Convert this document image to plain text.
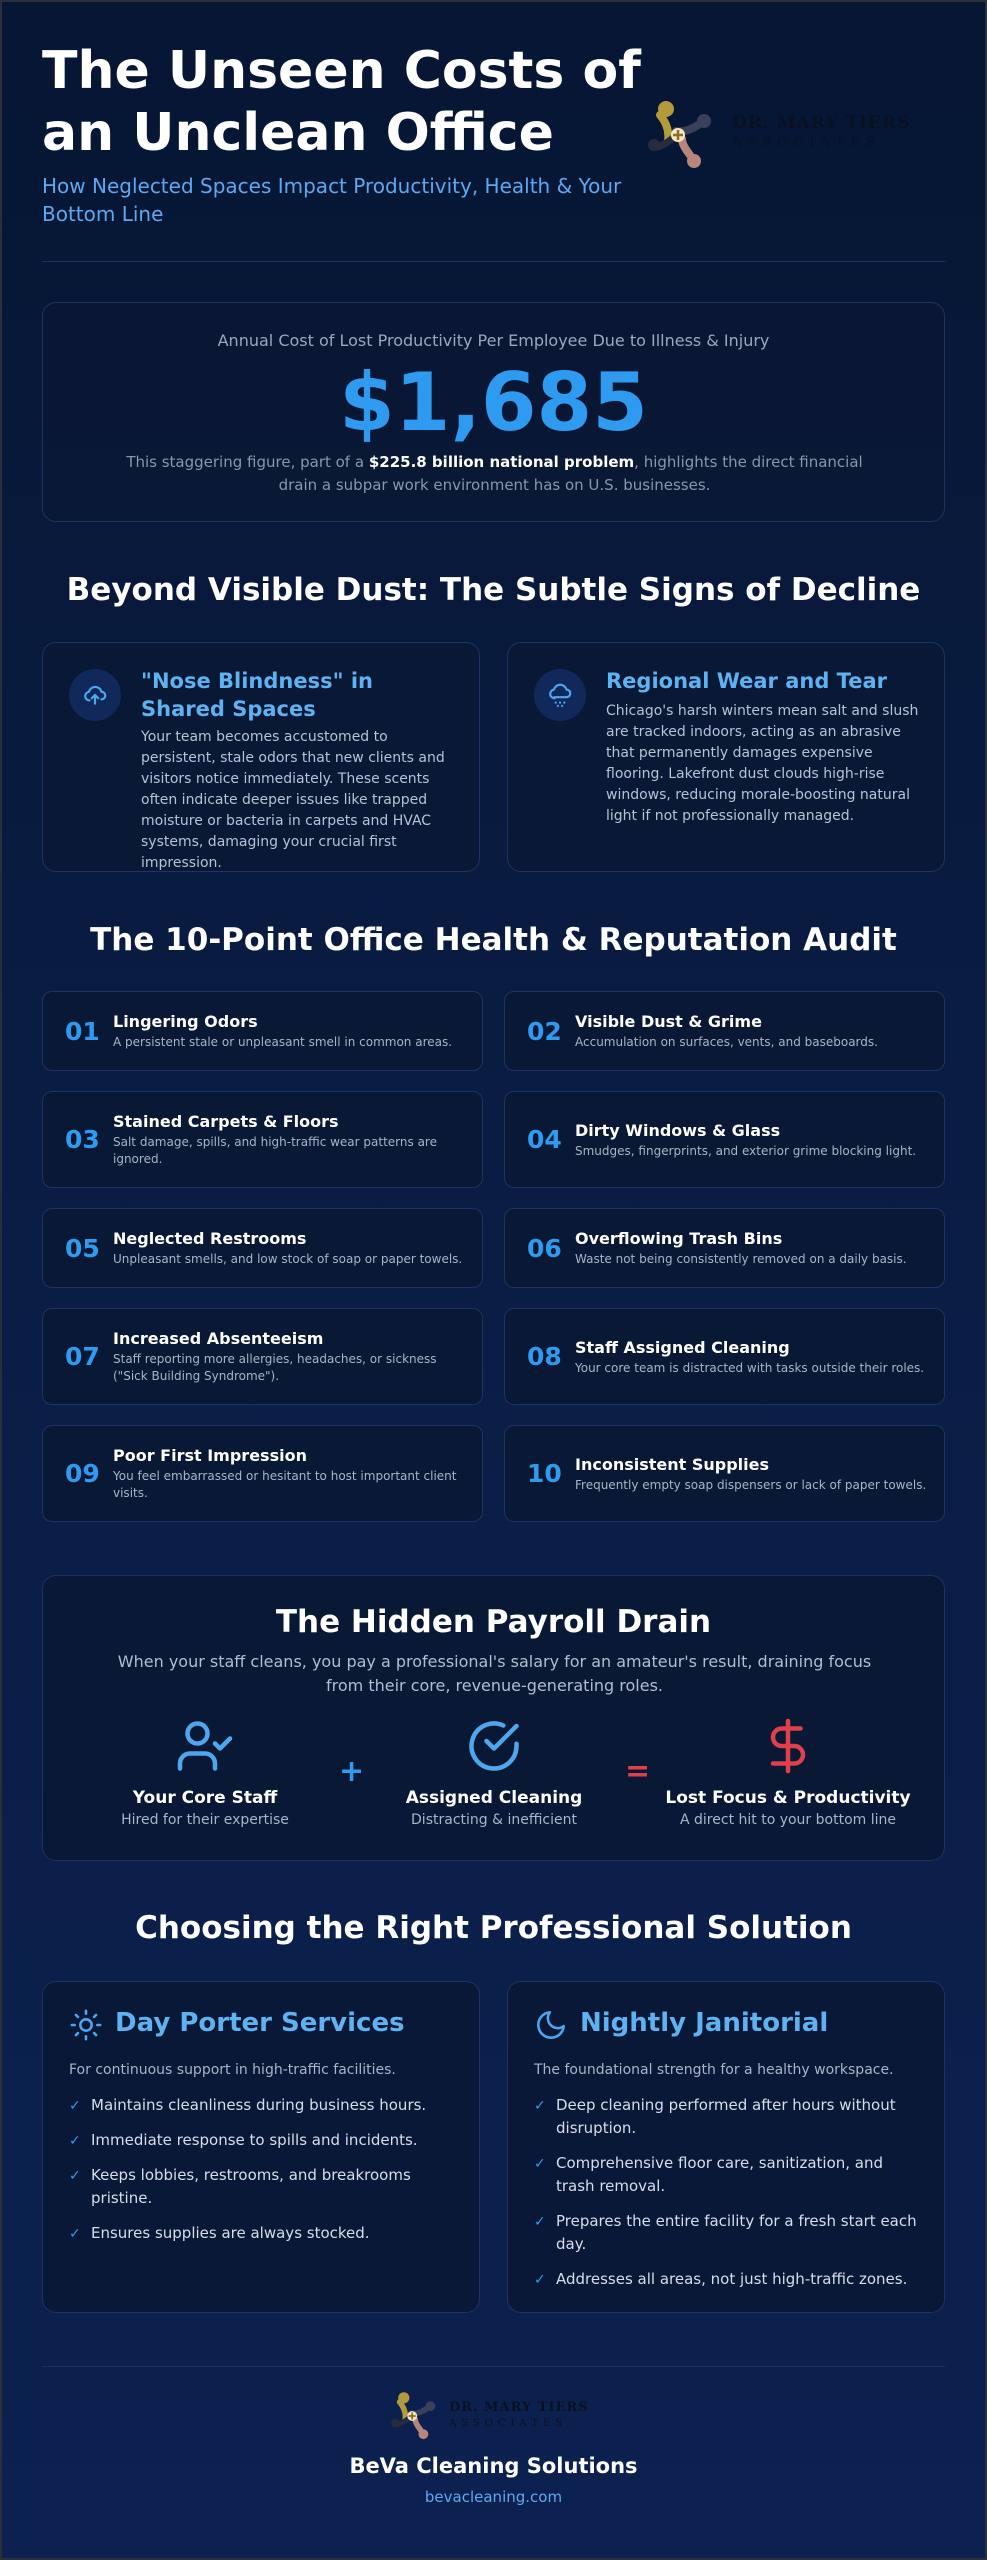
The Unseen Costs of an Unclean Office
How Neglected Spaces Impact Productivity, Health & Your Bottom Line
DR. MARY TIERS
ASSOCIATES
Annual Cost of Lost Productivity Per Employee Due to Illness & Injury
$1,685
This staggering figure, part of a $225.8 billion national problem, highlights the direct financial drain a subpar work environment has on U.S. businesses.
Beyond Visible Dust: The Subtle Signs of Decline
"Nose Blindness" in Shared Spaces
Your team becomes accustomed to persistent, stale odors that new clients and visitors notice immediately. These scents often indicate deeper issues like trapped moisture or bacteria in carpets and HVAC systems, damaging your crucial first impression.
Regional Wear and Tear
Chicago's harsh winters mean salt and slush are tracked indoors, acting as an abrasive that permanently damages expensive flooring. Lakefront dust clouds high-rise windows, reducing morale-boosting natural light if not professionally managed.
The 10-Point Office Health & Reputation Audit
01 Lingering Odors
A persistent stale or unpleasant smell in common areas.	02 Visible Dust & Grime
Accumulation on surfaces, vents, and baseboards.
03
Stained Carpets & Floors
Salt damage, spills, and high-traffic wear patterns are ignored.
04 Dirty Windows & Glass
Smudges, fingerprints, and exterior grime blocking light.
05 Neglected Restrooms
Unpleasant smells, and low stock of soap or paper towels.	06 Overflowing Trash Bins
Waste not being consistently removed on a daily basis.
07
Increased Absenteeism
Staff reporting more allergies, headaches, or sickness ("Sick Building Syndrome").
08 Staff Assigned Cleaning
Your core team is distracted with tasks outside their roles.
09
Poor First Impression
You feel embarrassed or hesitant to host important client visits.
10 Inconsistent Supplies
Frequently empty soap dispensers or lack of paper towels.
The Hidden Payroll Drain
When your staff cleans, you pay a professional's salary for an amateur's result, draining focus from their core, revenue-generating roles.
Your Core Staff
Hired for their expertise
+
Assigned Cleaning
Distracting & inefficient
=
Lost Focus & Productivity
A direct hit to your bottom line
Choosing the Right Professional Solution
Day Porter Services
For continuous support in high-traffic facilities.
✓ Maintains cleanliness during business hours.
✓ Immediate response to spills and incidents.
✓ Keeps lobbies, restrooms, and breakrooms pristine.
✓ Ensures supplies are always stocked.
Nightly Janitorial
The foundational strength for a healthy workspace.
✓ Deep cleaning performed after hours without disruption.
✓ Comprehensive floor care, sanitization, and trash removal.
✓ Prepares the entire facility for a fresh start each day.
✓ Addresses all areas, not just high-traffic zones.
DR. MARY TIERS
ASSOCIATES
BeVa Cleaning Solutions
bevacleaning.com
